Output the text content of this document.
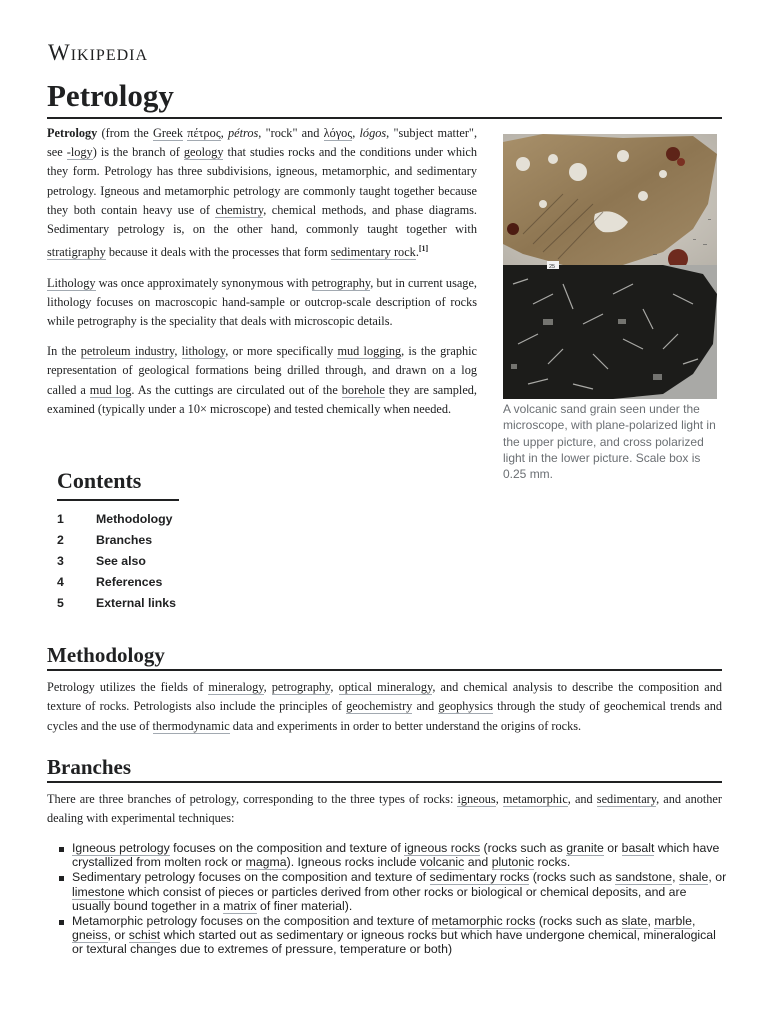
Wikipedia
Petrology

Petrology (from the Greek πέτρος, pétros, "rock" and λόγος, lógos, "subject matter", see -logy) is the branch of geology that studies rocks and the conditions under which they form. Petrology has three subdivisions, igneous, metamorphic, and sedimentary petrology. Igneous and metamorphic petrology are commonly taught together because they both contain heavy use of chemistry, chemical methods, and phase diagrams. Sedimentary petrology is, on the other hand, commonly taught together with stratigraphy because it deals with the processes that form sedimentary rock.[1]

Lithology was once approximately synonymous with petrography, but in current usage, lithology focuses on macroscopic hand-sample or outcrop-scale description of rocks while petrography is the speciality that deals with microscopic details.

In the petroleum industry, lithology, or more specifically mud logging, is the graphic representation of geological formations being drilled through, and drawn on a log called a mud log. As the cuttings are circulated out of the borehole they are sampled, examined (typically under a 10× microscope) and tested chemically when needed.

25
A volcanic sand grain seen under the microscope, with plane-polarized light in the upper picture, and cross polarized light in the lower picture. Scale box is 0.25 mm.
Contents
1	Methodology
2	Branches
3	See also
4	References
5	External links
Methodology

Petrology utilizes the fields of mineralogy, petrography, optical mineralogy, and chemical analysis to describe the composition and texture of rocks. Petrologists also include the principles of geochemistry and geophysics through the study of geochemical trends and cycles and the use of thermodynamic data and experiments in order to better understand the origins of rocks.

Branches

There are three branches of petrology, corresponding to the three types of rocks: igneous, metamorphic, and sedimentary, and another dealing with experimental techniques:

Igneous petrology focuses on the composition and texture of igneous rocks (rocks such as granite or basalt which have crystallized from molten rock or magma). Igneous rocks include volcanic and plutonic rocks.
Sedimentary petrology focuses on the composition and texture of sedimentary rocks (rocks such as sandstone, shale, or limestone which consist of pieces or particles derived from other rocks or biological or chemical deposits, and are usually bound together in a matrix of finer material).
Metamorphic petrology focuses on the composition and texture of metamorphic rocks (rocks such as slate, marble, gneiss, or schist which started out as sedimentary or igneous rocks but which have undergone chemical, mineralogical or textural changes due to extremes of pressure, temperature or both)
